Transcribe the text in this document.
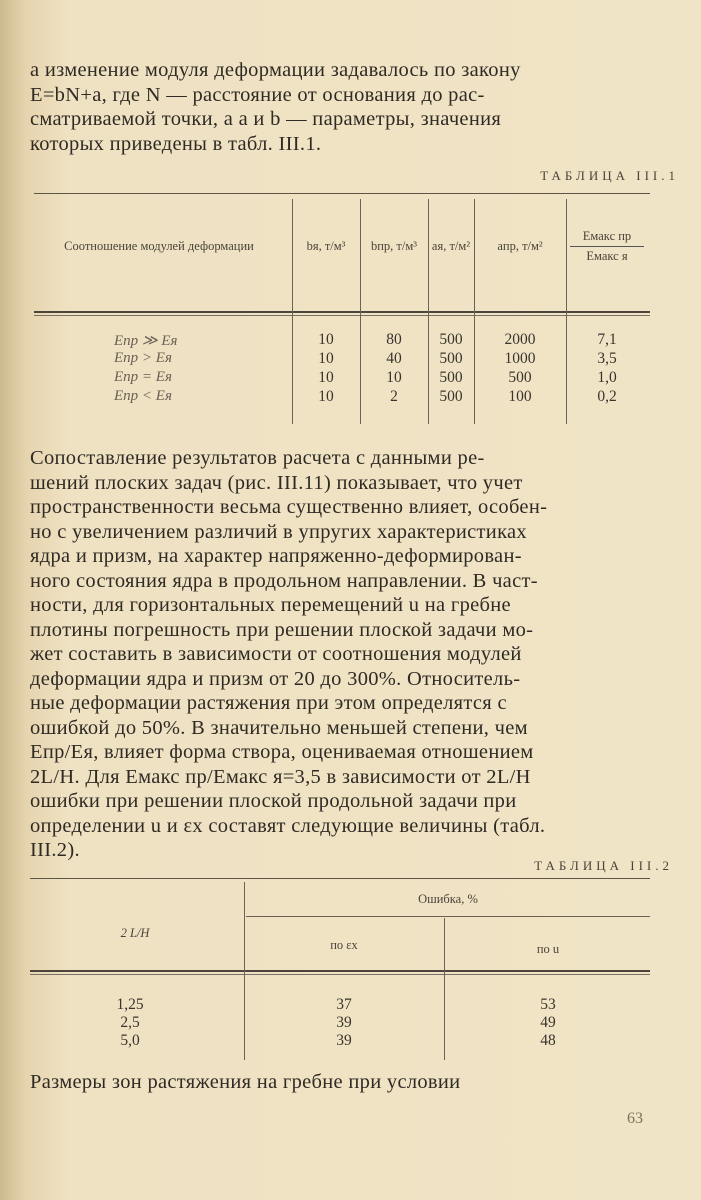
а изменение модуля деформации задавалось по закону
E=bN+a, где N — расстояние от основания до рас-
сматриваемой точки, а a и b — параметры, значения
которых приведены в табл. III.1.
ТАБЛИЦА III.1
Соотношение модулей деформации	bя, т/м³	bпр, т/м³	aя, т/м²	aпр, т/м²
Eмакс пр
Eмакс я
Eпр ≫ Eя	10	80	500	2000	7,1
Eпр > Eя	10	40	500	1000	3,5
Eпр = Eя	10	10	500	500	1,0
Eпр < Eя	10	2	500	100	0,2
Сопоставление результатов расчета с данными ре-
шений плоских задач (рис. III.11) показывает, что учет
пространственности весьма существенно влияет, особен-
но с увеличением различий в упругих характеристиках
ядра и призм, на характер напряженно-деформирован-
ного состояния ядра в продольном направлении. В част-
ности, для горизонтальных перемещений u на гребне
плотины погрешность при решении плоской задачи мо-
жет составить в зависимости от соотношения модулей
деформации ядра и призм от 20 до 300%. Относитель-
ные деформации растяжения при этом определятся с
ошибкой до 50%. В значительно меньшей степени, чем
Eпр/Eя, влияет форма створа, оцениваемая отношением
2L/H. Для Eмакс пр/Eмакс я=3,5 в зависимости от 2L/H
ошибки при решении плоской продольной задачи при
определении u и εx составят следующие величины (табл.
III.2).
ТАБЛИЦА III.2
2 L/H
Ошибка, %
по εx	по u
1,25	37	53
2,5	39	49
5,0	39	48
Размеры зон растяжения на гребне при условии
63
